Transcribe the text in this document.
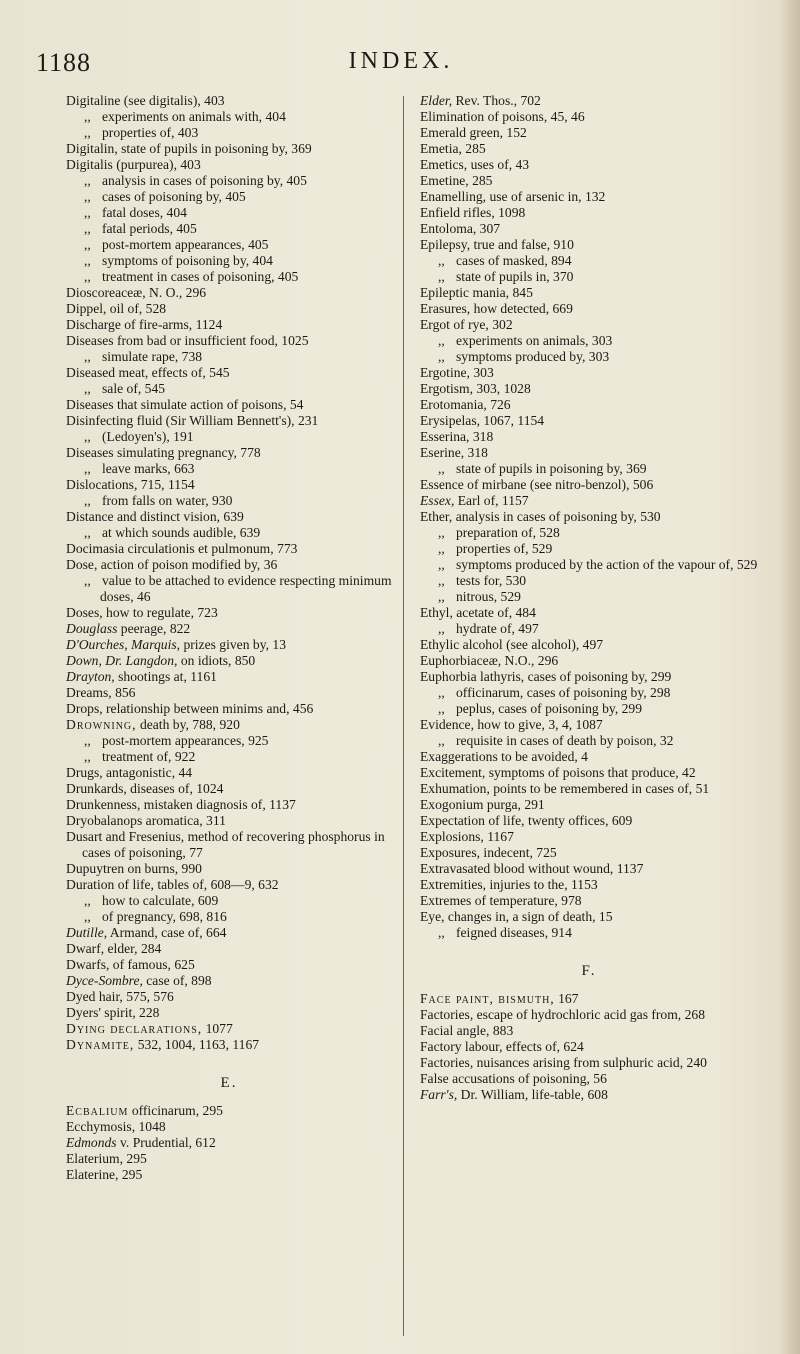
1188	INDEX.
Digitaline (see digitalis), 403
,, experiments on animals with, 404
,, properties of, 403
Digitalin, state of pupils in poisoning by, 369
Digitalis (purpurea), 403
,, analysis in cases of poisoning by, 405
,, cases of poisoning by, 405
,, fatal doses, 404
,, fatal periods, 405
,, post-mortem appearances, 405
,, symptoms of poisoning by, 404
,, treatment in cases of poisoning, 405
Dioscoreaceæ, N. O., 296
Dippel, oil of, 528
Discharge of fire-arms, 1124
Diseases from bad or insufficient food, 1025
,, simulate rape, 738
Diseased meat, effects of, 545
,, sale of, 545
Diseases that simulate action of poisons, 54
Disinfecting fluid (Sir William Bennett's), 231
,, (Ledoyen's), 191
Diseases simulating pregnancy, 778
,, leave marks, 663
Dislocations, 715, 1154
,, from falls on water, 930
Distance and distinct vision, 639
,, at which sounds audible, 639
Docimasia circulationis et pulmonum, 773
Dose, action of poison modified by, 36
,, value to be attached to evidence respecting minimum doses, 46
Doses, how to regulate, 723
Douglass peerage, 822
D'Ourches, Marquis, prizes given by, 13
Down, Dr. Langdon, on idiots, 850
Drayton, shootings at, 1161
Dreams, 856
Drops, relationship between minims and, 456
Drowning, death by, 788, 920
,, post-mortem appearances, 925
,, treatment of, 922
Drugs, antagonistic, 44
Drunkards, diseases of, 1024
Drunkenness, mistaken diagnosis of, 1137
Dryobalanops aromatica, 311
Dusart and Fresenius, method of recovering phosphorus in cases of poisoning, 77
Dupuytren on burns, 990
Duration of life, tables of, 608—9, 632
,, how to calculate, 609
,, of pregnancy, 698, 816
Dutille, Armand, case of, 664
Dwarf, elder, 284
Dwarfs, of famous, 625
Dyce-Sombre, case of, 898
Dyed hair, 575, 576
Dyers' spirit, 228
Dying declarations, 1077
Dynamite, 532, 1004, 1163, 1167
E.
Ecbalium officinarum, 295
Ecchymosis, 1048
Edmonds v. Prudential, 612
Elaterium, 295
Elaterine, 295
Elder, Rev. Thos., 702
Elimination of poisons, 45, 46
Emerald green, 152
Emetia, 285
Emetics, uses of, 43
Emetine, 285
Enamelling, use of arsenic in, 132
Enfield rifles, 1098
Entoloma, 307
Epilepsy, true and false, 910
,, cases of masked, 894
,, state of pupils in, 370
Epileptic mania, 845
Erasures, how detected, 669
Ergot of rye, 302
,, experiments on animals, 303
,, symptoms produced by, 303
Ergotine, 303
Ergotism, 303, 1028
Erotomania, 726
Erysipelas, 1067, 1154
Esserina, 318
Eserine, 318
,, state of pupils in poisoning by, 369
Essence of mirbane (see nitro-benzol), 506
Essex, Earl of, 1157
Ether, analysis in cases of poisoning by, 530
,, preparation of, 528
,, properties of, 529
,, symptoms produced by the action of the vapour of, 529
,, tests for, 530
,, nitrous, 529
Ethyl, acetate of, 484
,, hydrate of, 497
Ethylic alcohol (see alcohol), 497
Euphorbiaceæ, N.O., 296
Euphorbia lathyris, cases of poisoning by, 299
,, officinarum, cases of poisoning by, 298
,, peplus, cases of poisoning by, 299
Evidence, how to give, 3, 4, 1087
,, requisite in cases of death by poison, 32
Exaggerations to be avoided, 4
Excitement, symptoms of poisons that produce, 42
Exhumation, points to be remembered in cases of, 51
Exogonium purga, 291
Expectation of life, twenty offices, 609
Explosions, 1167
Exposures, indecent, 725
Extravasated blood without wound, 1137
Extremities, injuries to the, 1153
Extremes of temperature, 978
Eye, changes in, a sign of death, 15
,, feigned diseases, 914
F.
Face paint, bismuth, 167
Factories, escape of hydrochloric acid gas from, 268
Facial angle, 883
Factory labour, effects of, 624
Factories, nuisances arising from sulphuric acid, 240
False accusations of poisoning, 56
Farr's, Dr. William, life-table, 608
